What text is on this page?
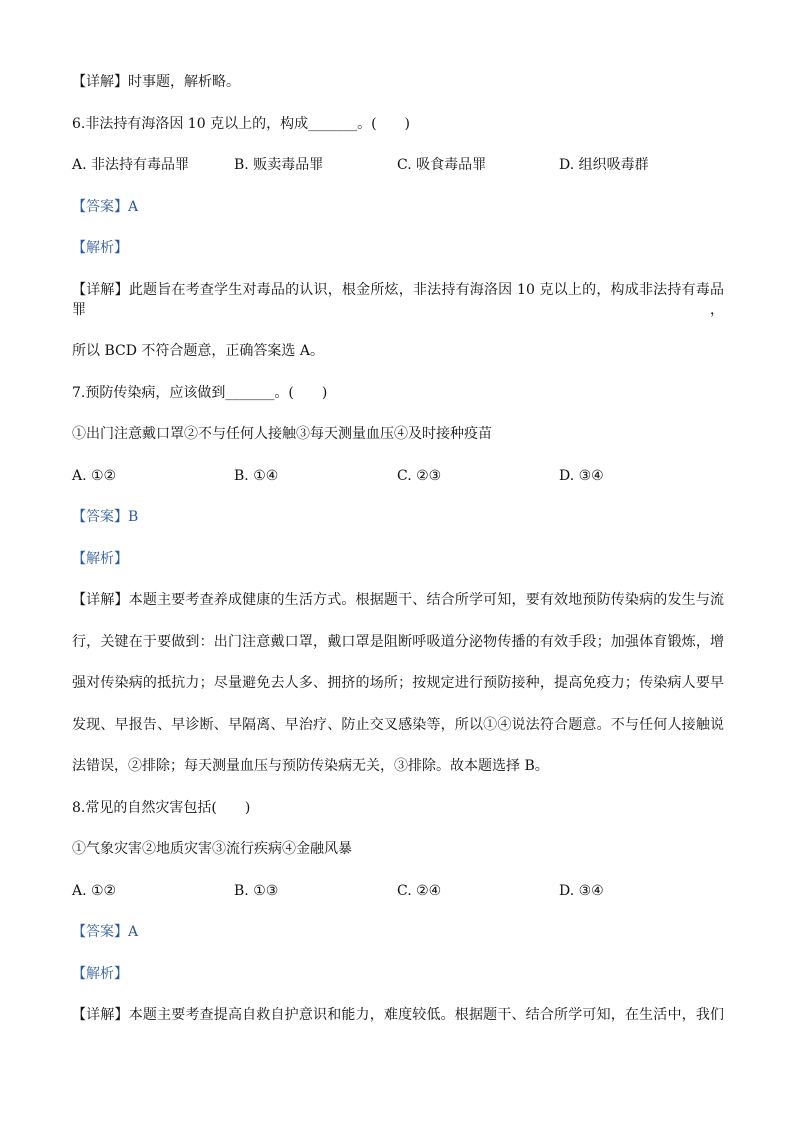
【详解】时事题，解析略。
6.非法持有海洛因 10 克以上的，构成_______。(　　)
A. 非法持有毒品罪	B. 贩卖毒品罪	C. 吸食毒品罪	D. 组织吸毒群
【答案】A
【解析】
【详解】此题旨在考查学生对毒品的认识，根金所炫，非法持有海洛因 10 克以上的，构成非法持有毒品罪，
所以 BCD 不符合题意，正确答案选 A。
7.预防传染病，应该做到_______。(　　)
①出门注意戴口罩②不与任何人接触③每天测量血压④及时接种疫苗
A. ①②	B. ①④	C. ②③	D. ③④
【答案】B
【解析】
【详解】本题主要考查养成健康的生活方式。根据题干、结合所学可知，要有效地预防传染病的发生与流
行，关键在于要做到：出门注意戴口罩，戴口罩是阻断呼吸道分泌物传播的有效手段；加强体育锻炼，增
强对传染病的抵抗力；尽量避免去人多、拥挤的场所；按规定进行预防接种，提高免疫力；传染病人要早
发现、早报告、早诊断、早隔离、早治疗、防止交叉感染等，所以①④说法符合题意。不与任何人接触说
法错误，②排除；每天测量血压与预防传染病无关，③排除。故本题选择 B。
8.常见的自然灾害包括(　　)
①气象灾害②地质灾害③流行疾病④金融风暴
A. ①②	B. ①③	C. ②④	D. ③④
【答案】A
【解析】
【详解】本题主要考查提高自救自护意识和能力，难度较低。根据题干、结合所学可知，在生活中，我们
